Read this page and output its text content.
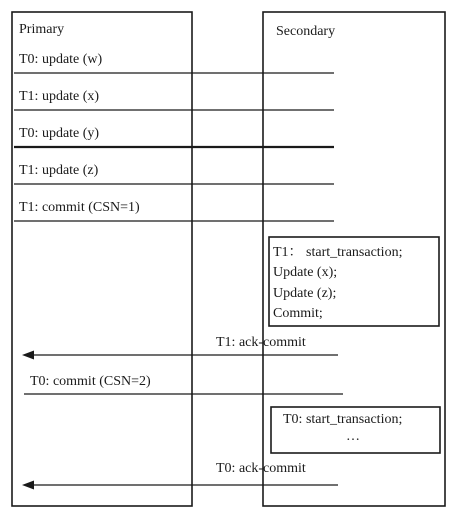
Primary	Secondary
T0: update (w)
T1: update (x)
T0: update (y)
T1: update (z)
T1: commit (CSN=1)
T1： start_transaction;
Update (x);
Update (z);
Commit;
T1: ack-commit
T0: commit (CSN=2)
T0: start_transaction;
…
T0: ack-commit
